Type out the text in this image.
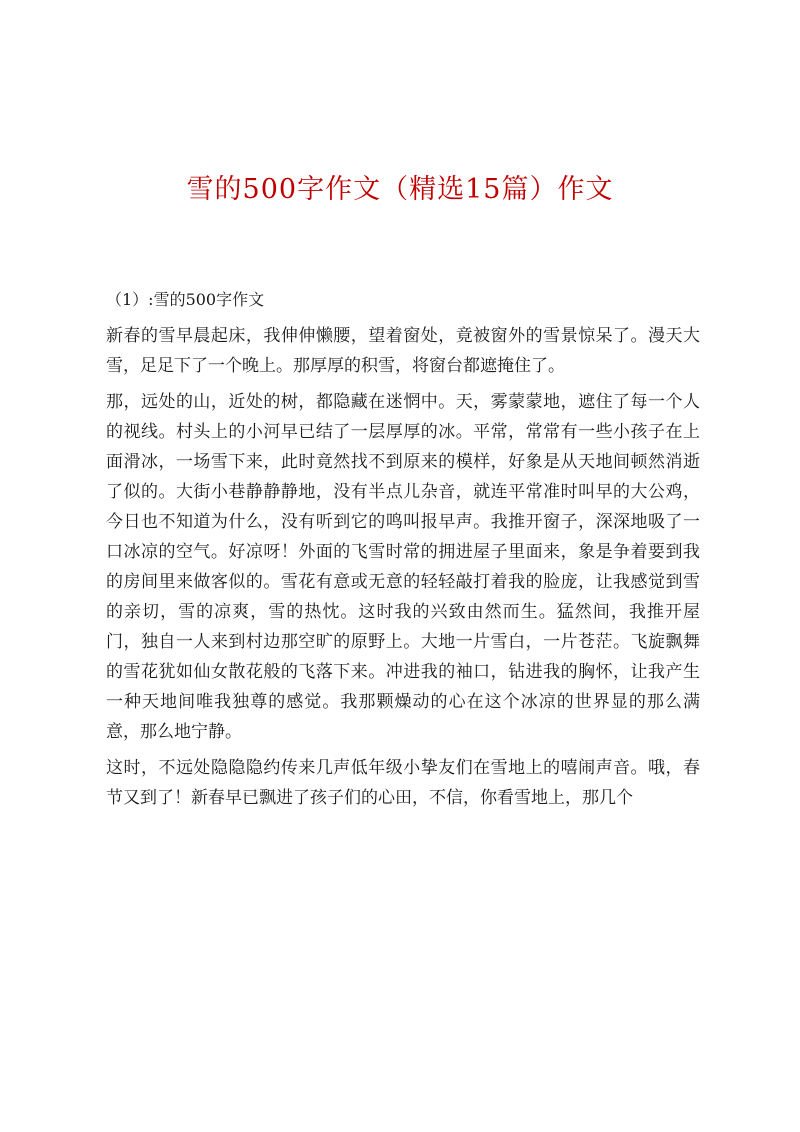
雪的500字作文（精选15篇）作文

（1）:雪的500字作文

新春的雪早晨起床，我伸伸懒腰，望着窗处，竟被窗外的雪景惊呆了。漫天大雪，足足下了一个晚上。那厚厚的积雪，将窗台都遮掩住了。

那，远处的山，近处的树，都隐藏在迷惘中。天，雾蒙蒙地，遮住了每一个人的视线。村头上的小河早已结了一层厚厚的冰。平常，常常有一些小孩子在上面滑冰，一场雪下来，此时竟然找不到原来的模样，好象是从天地间顿然消逝了似的。大街小巷静静静地，没有半点儿杂音，就连平常准时叫早的大公鸡，今日也不知道为什么，没有听到它的鸣叫报早声。我推开窗子，深深地吸了一口冰凉的空气。好凉呀！外面的飞雪时常的拥进屋子里面来，象是争着要到我的房间里来做客似的。雪花有意或无意的轻轻敲打着我的脸庞，让我感觉到雪的亲切，雪的凉爽，雪的热忱。这时我的兴致由然而生。猛然间，我推开屋门，独自一人来到村边那空旷的原野上。大地一片雪白，一片苍茫。飞旋飘舞的雪花犹如仙女散花般的飞落下来。冲进我的袖口，钻进我的胸怀，让我产生一种天地间唯我独尊的感觉。我那颗燥动的心在这个冰凉的世界显的那么满意，那么地宁静。

这时，不远处隐隐隐约传来几声低年级小挚友们在雪地上的嘻闹声音。哦，春节又到了！新春早已飘进了孩子们的心田，不信，你看雪地上，那几个
